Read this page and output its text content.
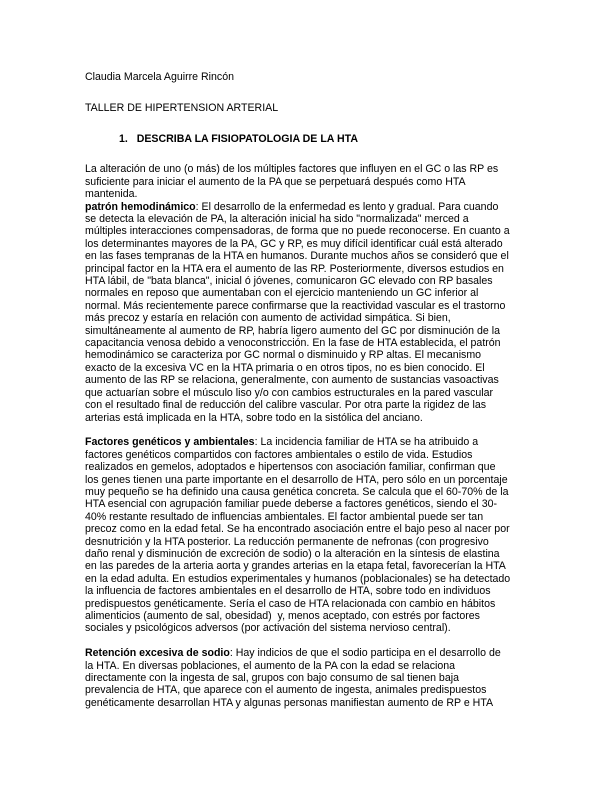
Claudia Marcela Aguirre Rincón
TALLER DE HIPERTENSION ARTERIAL
1. DESCRIBA LA FISIOPATOLOGIA DE LA HTA
La alteración de uno (o más) de los múltiples factores que influyen en el GC o las RP es
suficiente para iniciar el aumento de la PA que se perpetuará después como HTA
mantenida.
patrón hemodinámico: El desarrollo de la enfermedad es lento y gradual. Para cuando
se detecta la elevación de PA, la alteración inicial ha sido "normalizada" merced a
múltiples interacciones compensadoras, de forma que no puede reconocerse. En cuanto a
los determinantes mayores de la PA, GC y RP, es muy difícil identificar cuál está alterado
en las fases tempranas de la HTA en humanos. Durante muchos años se consideró que el
principal factor en la HTA era el aumento de las RP. Posteriormente, diversos estudios en
HTA lábil, de "bata blanca", inicial ó jóvenes, comunicaron GC elevado con RP basales
normales en reposo que aumentaban con el ejercicio manteniendo un GC inferior al
normal. Más recientemente parece confirmarse que la reactividad vascular es el trastorno
más precoz y estaría en relación con aumento de actividad simpática. Si bien,
simultáneamente al aumento de RP, habría ligero aumento del GC por disminución de la
capacitancia venosa debido a venoconstricción. En la fase de HTA establecida, el patrón
hemodinámico se caracteriza por GC normal o disminuido y RP altas. El mecanismo
exacto de la excesiva VC en la HTA primaria o en otros tipos, no es bien conocido. El
aumento de las RP se relaciona, generalmente, con aumento de sustancias vasoactivas
que actuarían sobre el músculo liso y/o con cambios estructurales en la pared vascular
con el resultado final de reducción del calibre vascular. Por otra parte la rigidez de las
arterias está implicada en la HTA, sobre todo en la sistólica del anciano.
Factores genéticos y ambientales: La incidencia familiar de HTA se ha atribuido a
factores genéticos compartidos con factores ambientales o estilo de vida. Estudios
realizados en gemelos, adoptados e hipertensos con asociación familiar, confirman que
los genes tienen una parte importante en el desarrollo de HTA, pero sólo en un porcentaje
muy pequeño se ha definido una causa genética concreta. Se calcula que el 60-70% de la
HTA esencial con agrupación familiar puede deberse a factores genéticos, siendo el 30-
40% restante resultado de influencias ambientales. El factor ambiental puede ser tan
precoz como en la edad fetal. Se ha encontrado asociación entre el bajo peso al nacer por
desnutrición y la HTA posterior. La reducción permanente de nefronas (con progresivo
daño renal y disminución de excreción de sodio) o la alteración en la síntesis de elastina
en las paredes de la arteria aorta y grandes arterias en la etapa fetal, favorecerían la HTA
en la edad adulta. En estudios experimentales y humanos (poblacionales) se ha detectado
la influencia de factores ambientales en el desarrollo de HTA, sobre todo en individuos
predispuestos genéticamente. Sería el caso de HTA relacionada con cambio en hábitos
alimenticios (aumento de sal, obesidad)  y, menos aceptado, con estrés por factores
sociales y psicológicos adversos (por activación del sistema nervioso central).
Retención excesiva de sodio: Hay indicios de que el sodio participa en el desarrollo de
la HTA. En diversas poblaciones, el aumento de la PA con la edad se relaciona
directamente con la ingesta de sal, grupos con bajo consumo de sal tienen baja
prevalencia de HTA, que aparece con el aumento de ingesta, animales predispuestos
genéticamente desarrollan HTA y algunas personas manifiestan aumento de RP e HTA
